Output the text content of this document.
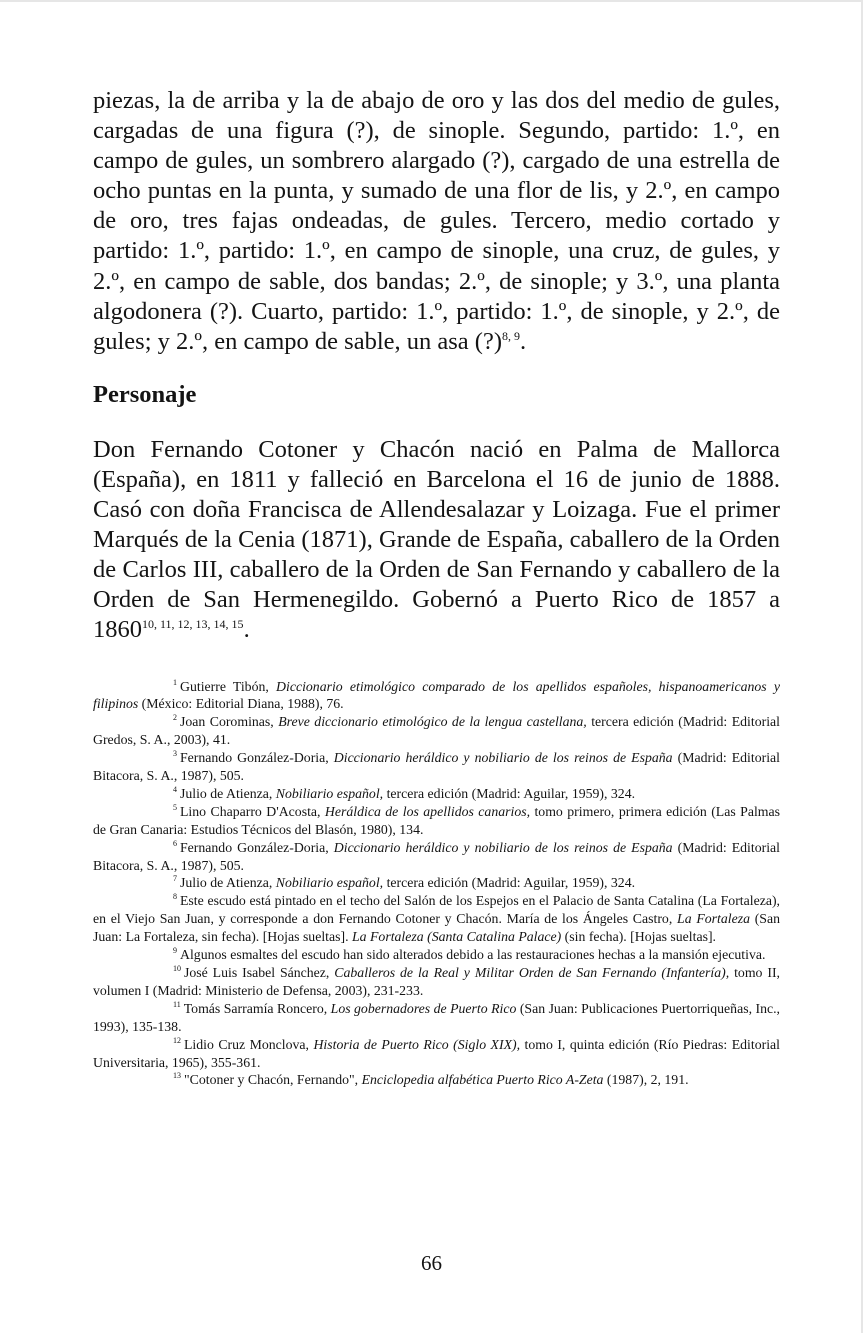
piezas, la de arriba y la de abajo de oro y las dos del medio de gules, cargadas de una figura (?), de sinople. Segundo, partido: 1.º, en campo de gules, un sombrero alargado (?), cargado de una estrella de ocho puntas en la punta, y sumado de una flor de lis, y 2.º, en campo de oro, tres fajas ondeadas, de gules. Tercero, medio cortado y partido: 1.º, partido: 1.º, en campo de sinople, una cruz, de gules, y 2.º, en campo de sable, dos bandas; 2.º, de sinople; y 3.º, una planta algodonera (?). Cuarto, partido: 1.º, partido: 1.º, de sinople, y 2.º, de gules; y 2.º, en campo de sable, un asa (?)$^{8, 9}$.

Personaje

Don Fernando Cotoner y Chacón nació en Palma de Mallorca (España), en 1811 y falleció en Barcelona el 16 de junio de 1888. Casó con doña Francisca de Allendesalazar y Loizaga. Fue el primer Marqués de la Cenia (1871), Grande de España, caballero de la Orden de Carlos III, caballero de la Orden de San Fernando y caballero de la Orden de San Hermenegildo. Gobernó a Puerto Rico de 1857 a 1860$^{10, 11, 12, 13, 14, 15}$.

$^1$ Gutierre Tibón, Diccionario etimológico comparado de los apellidos españoles, hispanoamericanos y filipinos (México: Editorial Diana, 1988), 76.

$^2$ Joan Corominas, Breve diccionario etimológico de la lengua castellana, tercera edición (Madrid: Editorial Gredos, S. A., 2003), 41.

$^3$ Fernando González-Doria, Diccionario heráldico y nobiliario de los reinos de España (Madrid: Editorial Bitacora, S. A., 1987), 505.

$^4$ Julio de Atienza, Nobiliario español, tercera edición (Madrid: Aguilar, 1959), 324.

$^5$ Lino Chaparro D'Acosta, Heráldica de los apellidos canarios, tomo primero, primera edición (Las Palmas de Gran Canaria: Estudios Técnicos del Blasón, 1980), 134.

$^6$ Fernando González-Doria, Diccionario heráldico y nobiliario de los reinos de España (Madrid: Editorial Bitacora, S. A., 1987), 505.

$^7$ Julio de Atienza, Nobiliario español, tercera edición (Madrid: Aguilar, 1959), 324.

$^8$ Este escudo está pintado en el techo del Salón de los Espejos en el Palacio de Santa Catalina (La Fortaleza), en el Viejo San Juan, y corresponde a don Fernando Cotoner y Chacón. María de los Ángeles Castro, La Fortaleza (San Juan: La Fortaleza, sin fecha). [Hojas sueltas]. La Fortaleza (Santa Catalina Palace) (sin fecha). [Hojas sueltas].

$^9$ Algunos esmaltes del escudo han sido alterados debido a las restauraciones hechas a la mansión ejecutiva.

$^{10}$ José Luis Isabel Sánchez, Caballeros de la Real y Militar Orden de San Fernando (Infantería), tomo II, volumen I (Madrid: Ministerio de Defensa, 2003), 231-233.

$^{11}$ Tomás Sarramía Roncero, Los gobernadores de Puerto Rico (San Juan: Publicaciones Puertorriqueñas, Inc., 1993), 135-138.

$^{12}$ Lidio Cruz Monclova, Historia de Puerto Rico (Siglo XIX), tomo I, quinta edición (Río Piedras: Editorial Universitaria, 1965), 355-361.

$^{13}$ "Cotoner y Chacón, Fernando", Enciclopedia alfabética Puerto Rico A-Zeta (1987), 2, 191.

66
